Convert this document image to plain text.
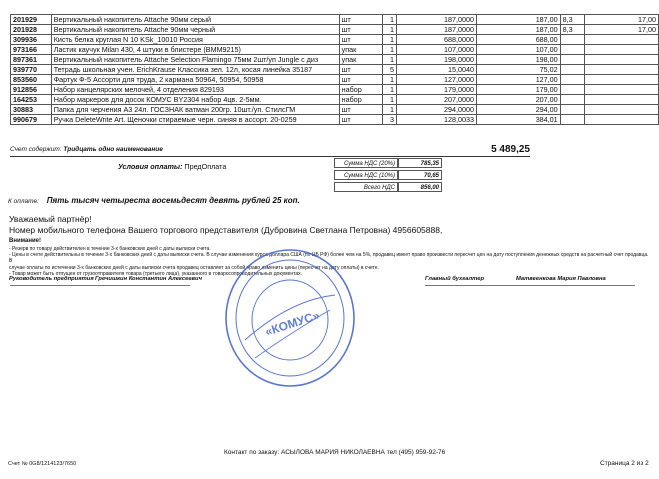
201929	Вертикальный накопитель Attache 90мм серый	шт	1	187,0000	187,00	8,3	17,00
201928	Вертикальный накопитель Attache 90мм черный	шт	1	187,0000	187,00	8,3	17,00
309936	Кисть белка круглая N 10 KSk_10010 Россия	шт	1	688,0000	688,00		
973166	Ластик каучук Milan 430, 4 штуки в блистере (BMM9215)	упак	1	107,0000	107,00		
897361	Вертикальный накопитель Attache Selection Flamingo 75мм 2шт/уп Jungle с диз	упак	1	198,0000	198,00		
939770	Тетрадь школьная учен. ErichKrause Классика зел. 12л, косая линейка 35187	шт	5	15,0040	75,02		
853560	Фартук Ф-5 Ассорти для труда, 2 кармана 50964, 50954, 50958	шт	1	127,0000	127,00		
912856	Набор канцелярских мелочей, 4 отделения 829193	набор	1	179,0000	179,00		
164253	Набор маркеров для досок КОМУС BY2304 набор 4цв. 2-5мм.	набор	1	207,0000	207,00		
30883	Папка для черчения А3 24л. ГОСЗНАК ватман 200гр. 10шт./уп. СтилсГМ	шт	1	294,0000	294,00		
990679	Ручка DeleteWrite Art. Щеночки стираемые черн. синяя в ассорт. 20-0259	шт	3	128,0033	384,01		
Счет содержит: Тридцать одно наименование	5 489,25
Условия оплаты: ПредОплата	Сумма НДС (20%)	785,35
Сумма НДС (10%)	70,65
Всего НДС	856,00
К оплате: Пять тысяч четыреста восемьдесят девять рублей 25 коп.
Уважаемый партнёр!
Номер мобильного телефона Вашего торгового представителя (Дубровина Светлана Петровна) 4956605888,
Внимание!
- Резерв по товару действителен в течение 3-х банковских дней с даты выписки счета.
- Цены в счете действительны в течение 3-х банковских дней с даты выписки счета. В случае изменения курса доллара США (по ЦБ РФ) более чем на 5%, продавец имеет право произвести пересчет цен на дату поступления денежных средств на расчетный счет продавца. В
случае оплаты по истечении 3-х банковских дней с даты выписки счета продавец оставляет за собой право изменить цены (пересчет на дату оплаты) в счете.
- Товар может быть отпущен от грузоотправителя товара (третьего лица), указанного в товаросопроводительных документах.
Руководитель предприятия Гречишкин Константин Алексеевич	Главный бухгалтер	Матвеенкова Мария Павловна
«КОМУС»
Контакт по заказу: АСЫЛОВА МАРИЯ НИКОЛАЕВНА тел (495) 959-92-76
Счет № 0G8/1214123/7650	Страница 2 из 2
